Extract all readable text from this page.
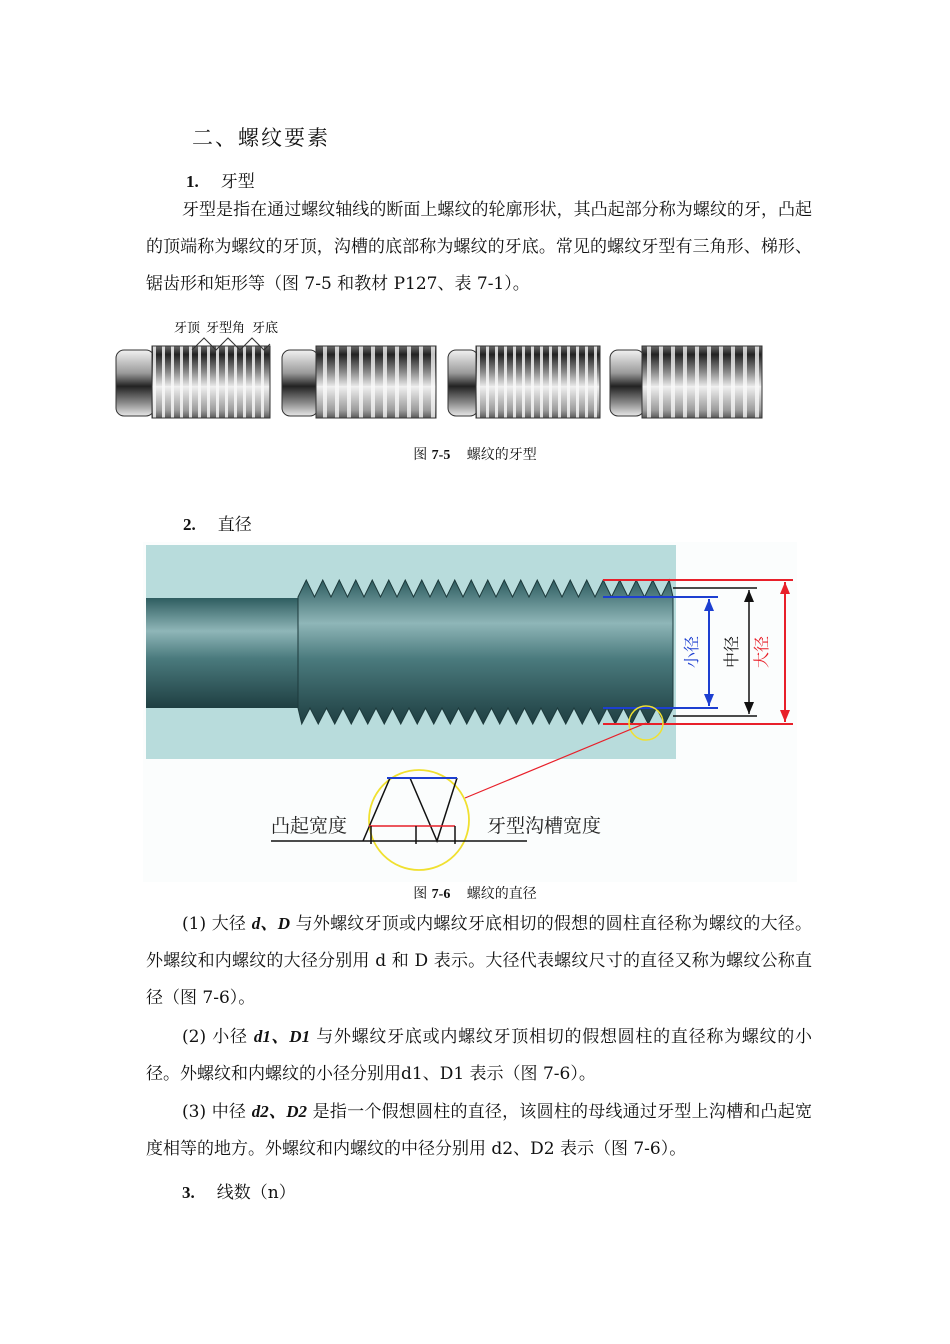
二、螺纹要素
1. 牙型
牙型是指在通过螺纹轴线的断面上螺纹的轮廓形状，其凸起部分称为螺纹的牙，凸起的顶端称为螺纹的牙顶，沟槽的底部称为螺纹的牙底。常见的螺纹牙型有三角形、梯形、锯齿形和矩形等（图 7-5 和教材 P127、表 7-1）。
牙顶 牙型角 牙底
图 7-5 螺纹的牙型
2. 直径
大径
小径 中径
凸起宽度	牙型沟槽宽度
图 7-6 螺纹的直径
(1) 大径 d、D 与外螺纹牙顶或内螺纹牙底相切的假想的圆柱直径称为螺纹的大径。外螺纹和内螺纹的大径分别用 d 和 D 表示。大径代表螺纹尺寸的直径又称为螺纹公称直径（图 7-6）。
(2) 小径 d1、D1 与外螺纹牙底或内螺纹牙顶相切的假想圆柱的直径称为螺纹的小径。外螺纹和内螺纹的小径分别用d1、D1 表示（图 7-6）。
(3) 中径 d2、D2 是指一个假想圆柱的直径，该圆柱的母线通过牙型上沟槽和凸起宽度相等的地方。外螺纹和内螺纹的中径分别用 d2、D2 表示（图 7-6）。
3. 线数（n）
